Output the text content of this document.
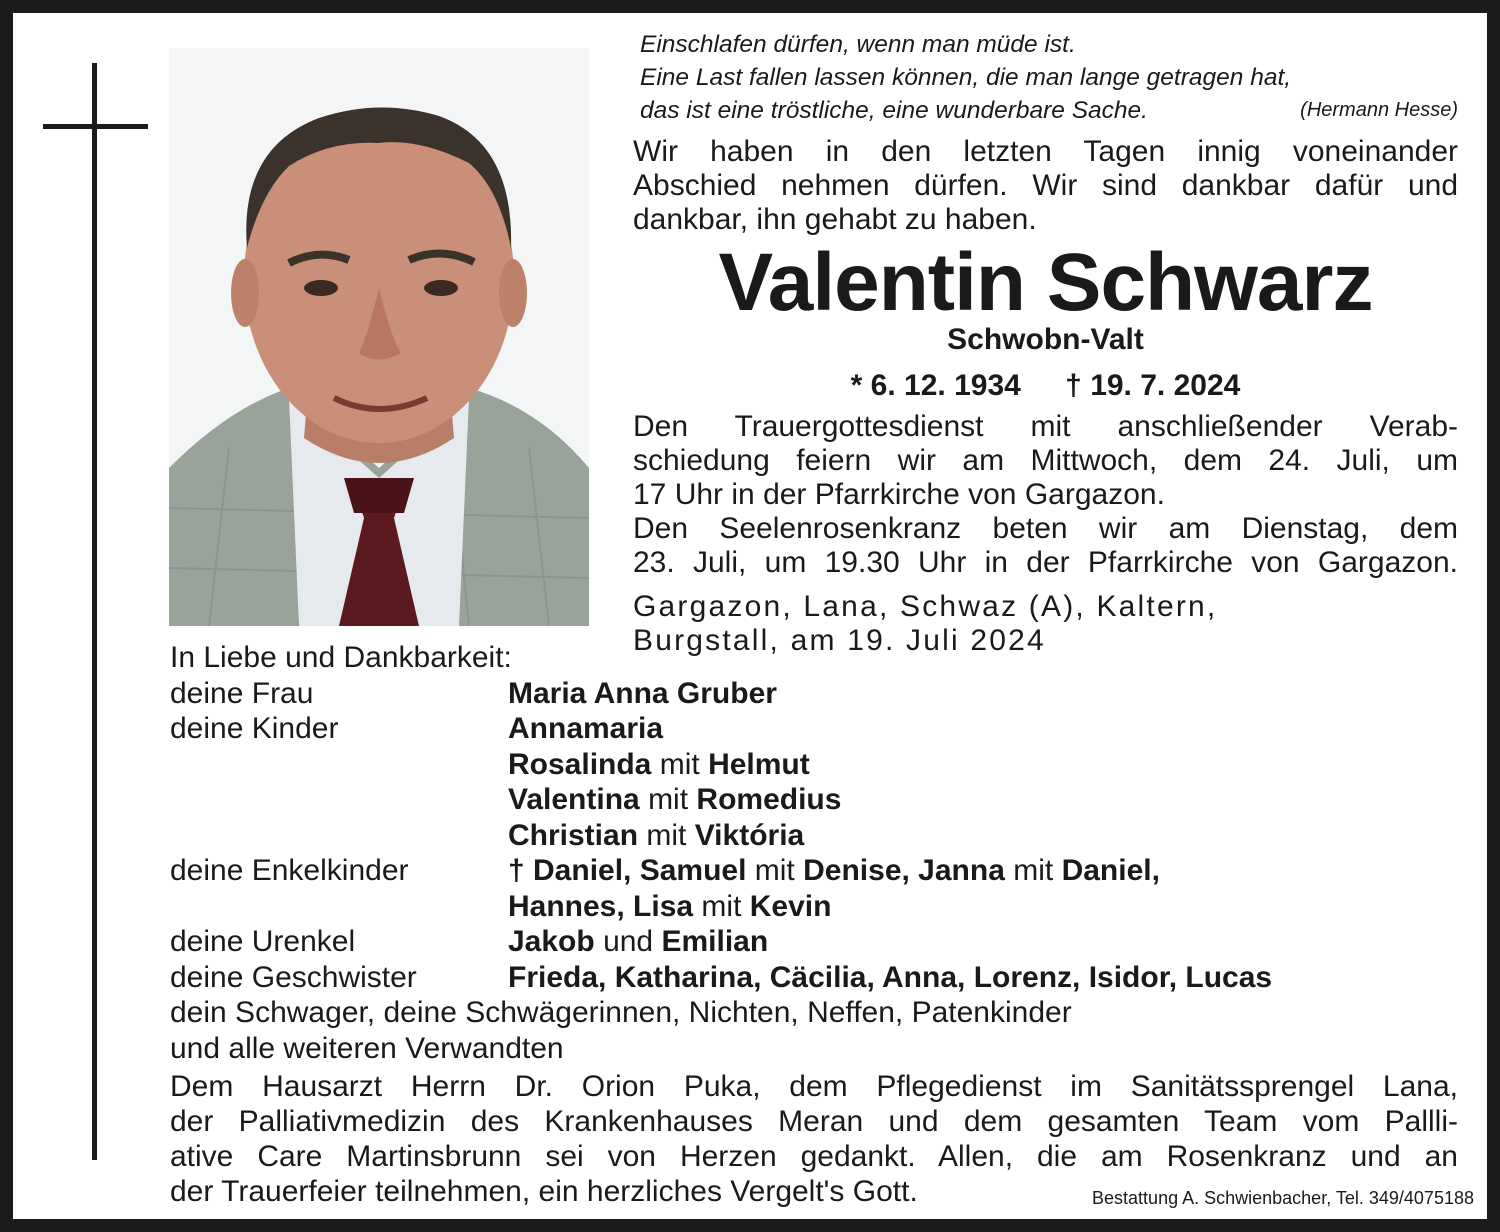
Einschlafen dürfen, wenn man müde ist.
Eine Last fallen lassen können, die man lange getragen hat,
das ist eine tröstliche, eine wunderbare Sache.	(Hermann Hesse)
Wir haben in den letzten Tagen innig voneinander
Abschied nehmen dürfen. Wir sind dankbar dafür und
dankbar, ihn gehabt zu haben.
Valentin Schwarz
Schwobn-Valt
* 6. 12. 1934 † 19. 7. 2024
Den Trauergottesdienst mit anschließender Verab-
schiedung feiern wir am Mittwoch, dem 24. Juli, um
17 Uhr in der Pfarrkirche von Gargazon.
Den Seelenrosenkranz beten wir am Dienstag, dem
23. Juli, um 19.30 Uhr in der Pfarrkirche von Gargazon.
Gargazon, Lana, Schwaz (A), Kaltern,
Burgstall, am 19. Juli 2024
In Liebe und Dankbarkeit:
deine Frau	Maria Anna Gruber
deine Kinder	Annamaria
Rosalinda mit Helmut
Valentina mit Romedius
Christian mit Viktória
deine Enkelkinder	† Daniel, Samuel mit Denise, Janna mit Daniel,
Hannes, Lisa mit Kevin
deine Urenkel	Jakob und Emilian
deine Geschwister	Frieda, Katharina, Cäcilia, Anna, Lorenz, Isidor, Lucas
dein Schwager, deine Schwägerinnen, Nichten, Neffen, Patenkinder
und alle weiteren Verwandten
Dem Hausarzt Herrn Dr. Orion Puka, dem Pflegedienst im Sanitätssprengel Lana,
der Palliativmedizin des Krankenhauses Meran und dem gesamten Team vom Pallli-
ative Care Martinsbrunn sei von Herzen gedankt. Allen, die am Rosenkranz und an
der Trauerfeier teilnehmen, ein herzliches Vergelt's Gott.	Bestattung A. Schwienbacher, Tel. 349/4075188
